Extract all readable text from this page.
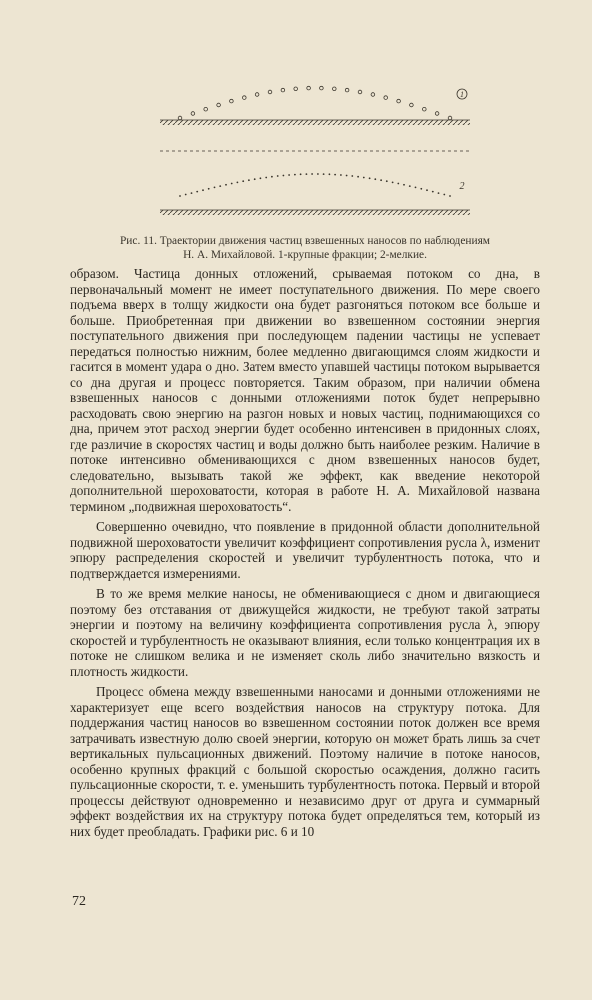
1
2

Рис. 11. Траектории движения частиц взвешенных наносов по наблюдениям
Н. А. Михайловой. 1-крупные фракции; 2-мелкие.

образом. Частица донных отложений, срываемая потоком со дна, в первоначальный момент не имеет поступательного движения. По мере своего подъема вверх в толщу жидкости она будет разгоняться потоком все больше и больше. Приобретенная при движении во взвешенном состоянии энергия поступательного движения при последующем падении частицы не успевает передаться полностью нижним, более медленно двигающимся слоям жидкости и гасится в момент удара о дно. Затем вместо упавшей частицы потоком вырывается со дна другая и процесс повторяется. Таким образом, при наличии обмена взвешенных наносов с донными отложениями поток будет непрерывно расходовать свою энергию на разгон новых и новых частиц, поднимающихся со дна, причем этот расход энергии будет особенно интенсивен в придонных слоях, где различие в скоростях частиц и воды должно быть наиболее резким. Наличие в потоке интенсивно обменивающихся с дном взвешенных наносов будет, следовательно, вызывать такой же эффект, как введение некоторой дополнительной шероховатости, которая в работе Н. А. Михайловой названа термином „подвижная шероховатость“.

Совершенно очевидно, что появление в придонной области дополнительной подвижной шероховатости увеличит коэффициент сопротивления русла λ, изменит эпюру распределения скоростей и увеличит турбулентность потока, что и подтверждается измерениями.

В то же время мелкие наносы, не обменивающиеся с дном и двигающиеся поэтому без отставания от движущейся жидкости, не требуют такой затраты энергии и поэтому на величину коэффициента сопротивления русла λ, эпюру скоростей и турбулентность не оказывают влияния, если только концентрация их в потоке не слишком велика и не изменяет сколь либо значительно вязкость и плотность жидкости.

Процесс обмена между взвешенными наносами и донными отложениями не характеризует еще всего воздействия наносов на структуру потока. Для поддержания частиц наносов во взвешенном состоянии поток должен все время затрачивать известную долю своей энергии, которую он может брать лишь за счет вертикальных пульсационных движений. Поэтому наличие в потоке наносов, особенно крупных фракций с большой скоростью осаждения, должно гасить пульсационные скорости, т. е. уменьшить турбулентность потока. Первый и второй процессы действуют одновременно и независимо друг от друга и суммарный эффект воздействия их на структуру потока будет определяться тем, который из них будет преобладать. Графики рис. 6 и 10

72
